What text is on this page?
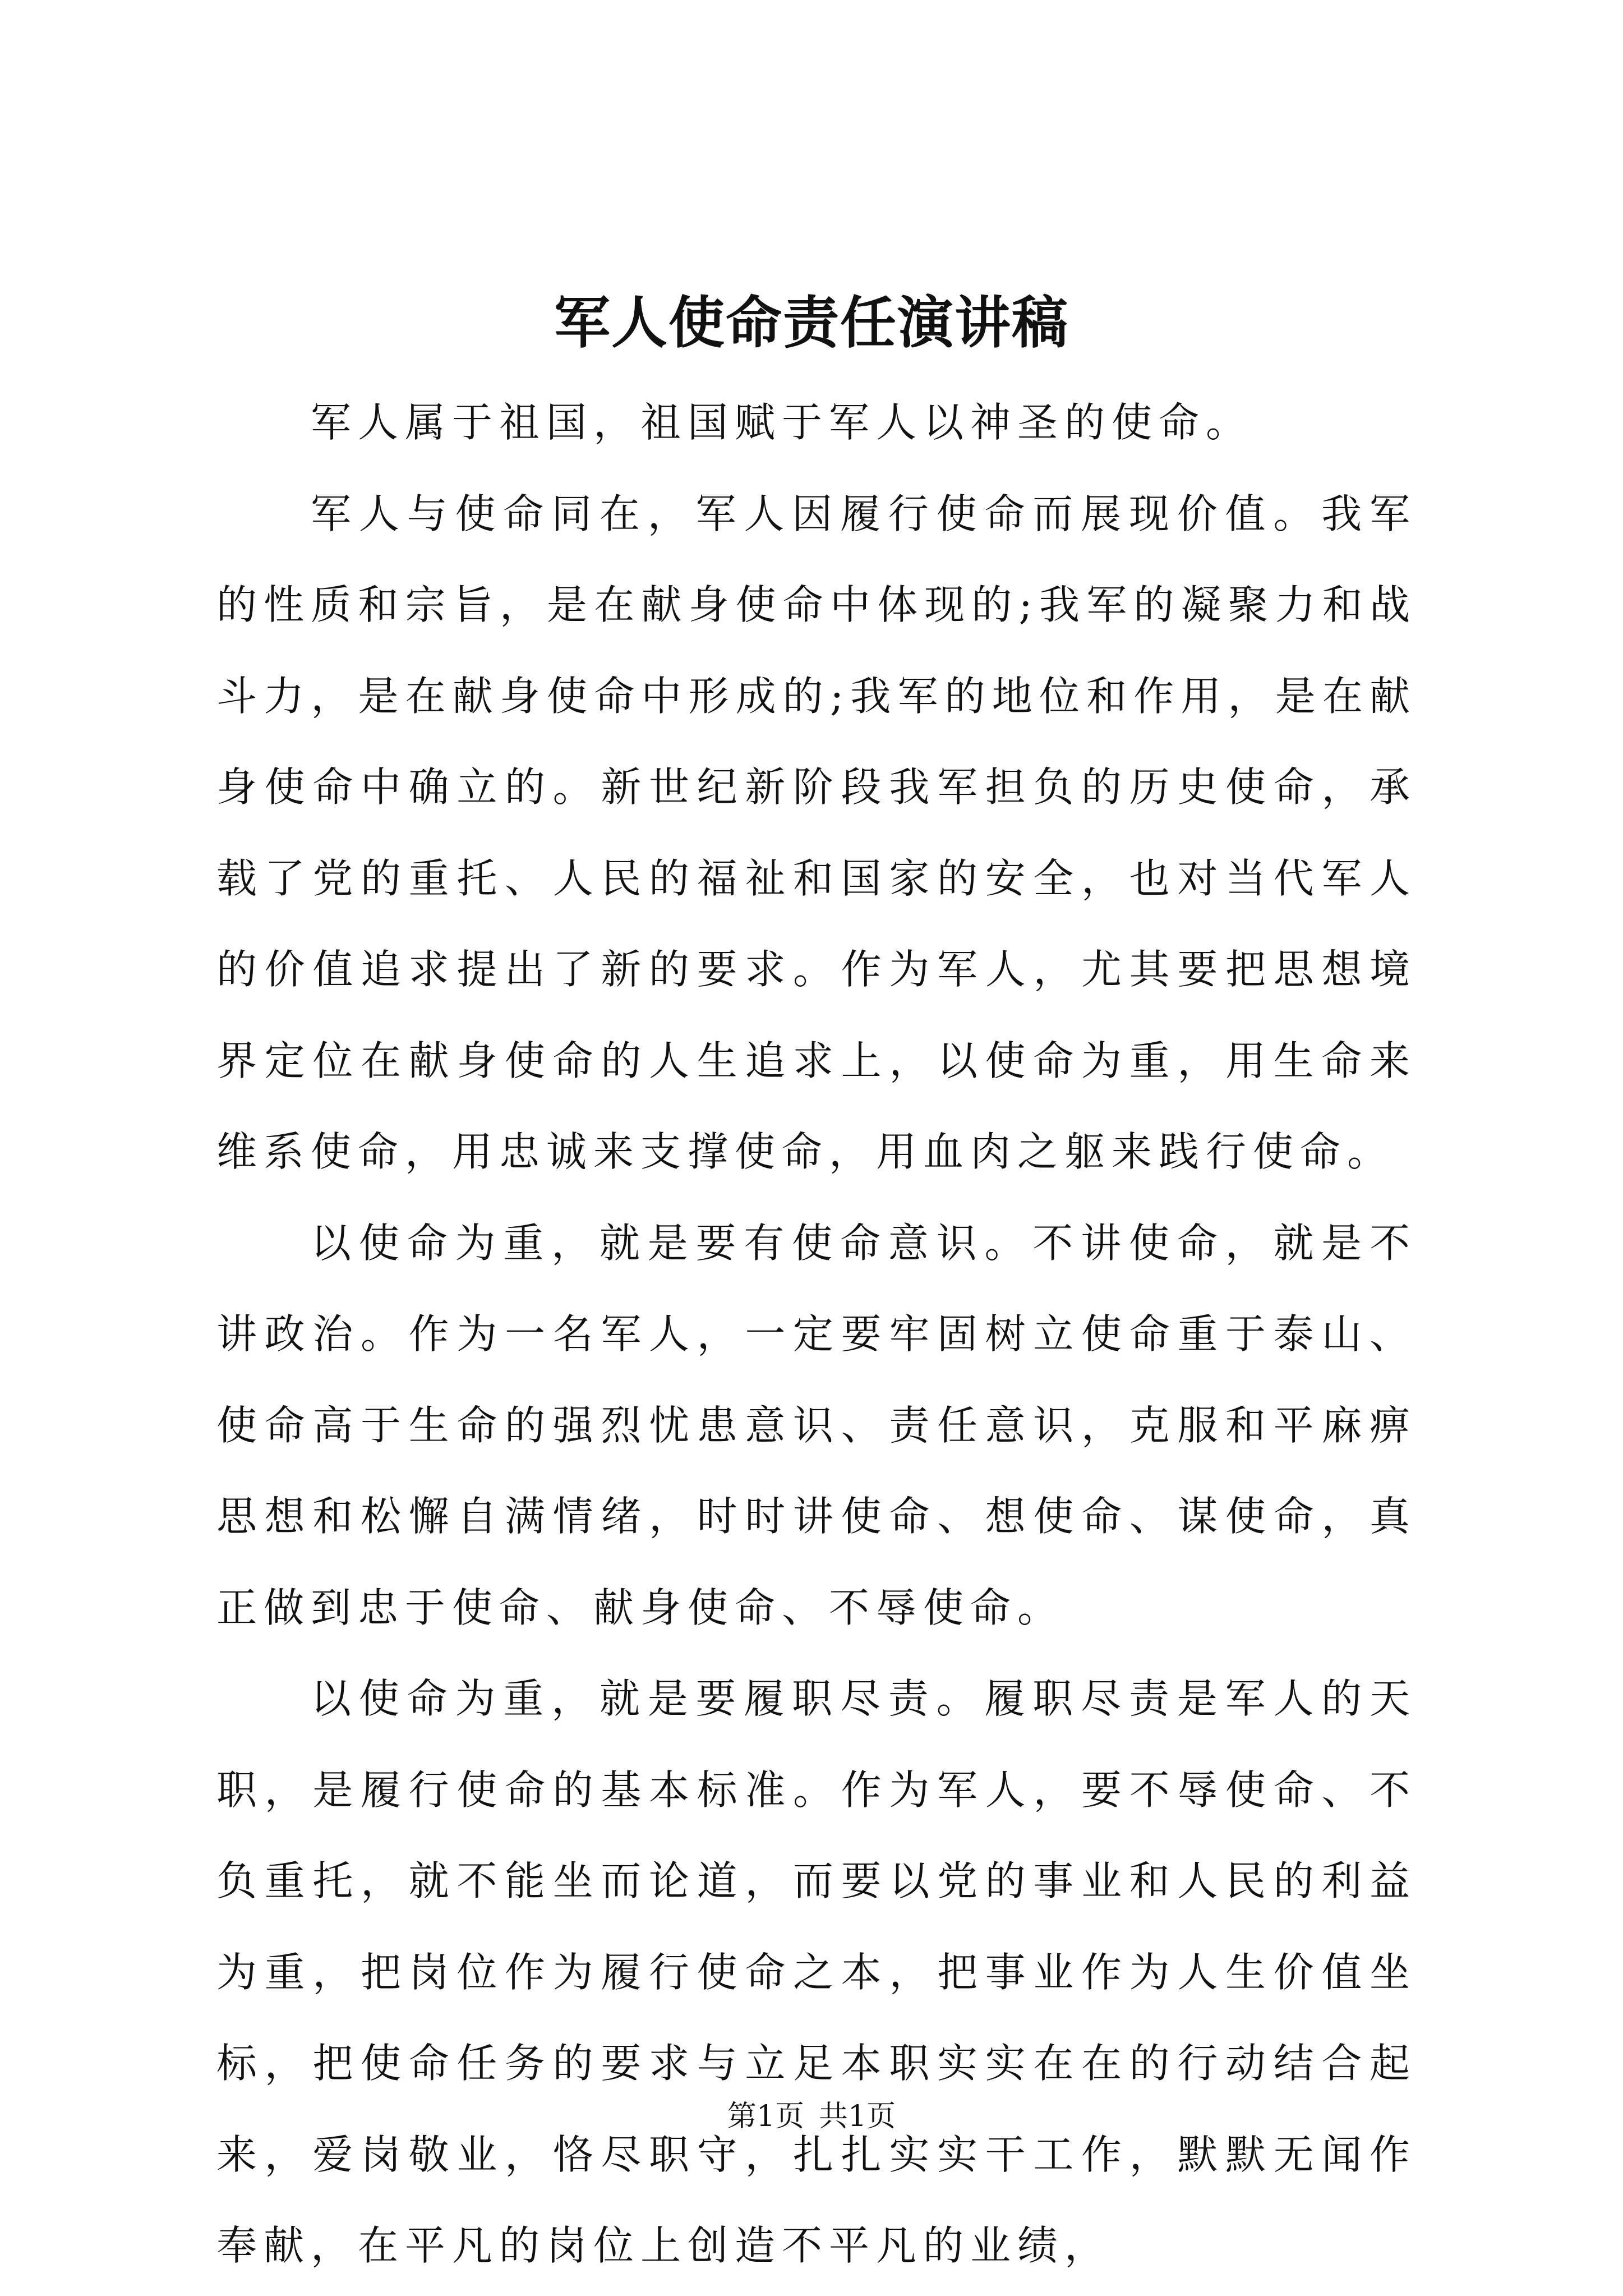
军人使命责任演讲稿

军人属于祖国，祖国赋于军人以神圣的使命。

军人与使命同在，军人因履行使命而展现价值。我军的性质和宗旨，是在献身使命中体现的;我军的凝聚力和战斗力，是在献身使命中形成的;我军的地位和作用，是在献身使命中确立的。新世纪新阶段我军担负的历史使命，承载了党的重托、人民的福祉和国家的安全，也对当代军人的价值追求提出了新的要求。作为军人，尤其要把思想境界定位在献身使命的人生追求上，以使命为重，用生命来维系使命，用忠诚来支撑使命，用血肉之躯来践行使命。

以使命为重，就是要有使命意识。不讲使命，就是不讲政治。作为一名军人，一定要牢固树立使命重于泰山、使命高于生命的强烈忧患意识、责任意识，克服和平麻痹思想和松懈自满情绪，时时讲使命、想使命、谋使命，真正做到忠于使命、献身使命、不辱使命。

以使命为重，就是要履职尽责。履职尽责是军人的天职，是履行使命的基本标准。作为军人，要不辱使命、不负重托，就不能坐而论道，而要以党的事业和人民的利益为重，把岗位作为履行使命之本，把事业作为人生价值坐标，把使命任务的要求与立足本职实实在在的行动结合起来，爱岗敬业，恪尽职守，扎扎实实干工作，默默无闻作奉献，在平凡的岗位上创造不平凡的业绩，

第1页 共1页
